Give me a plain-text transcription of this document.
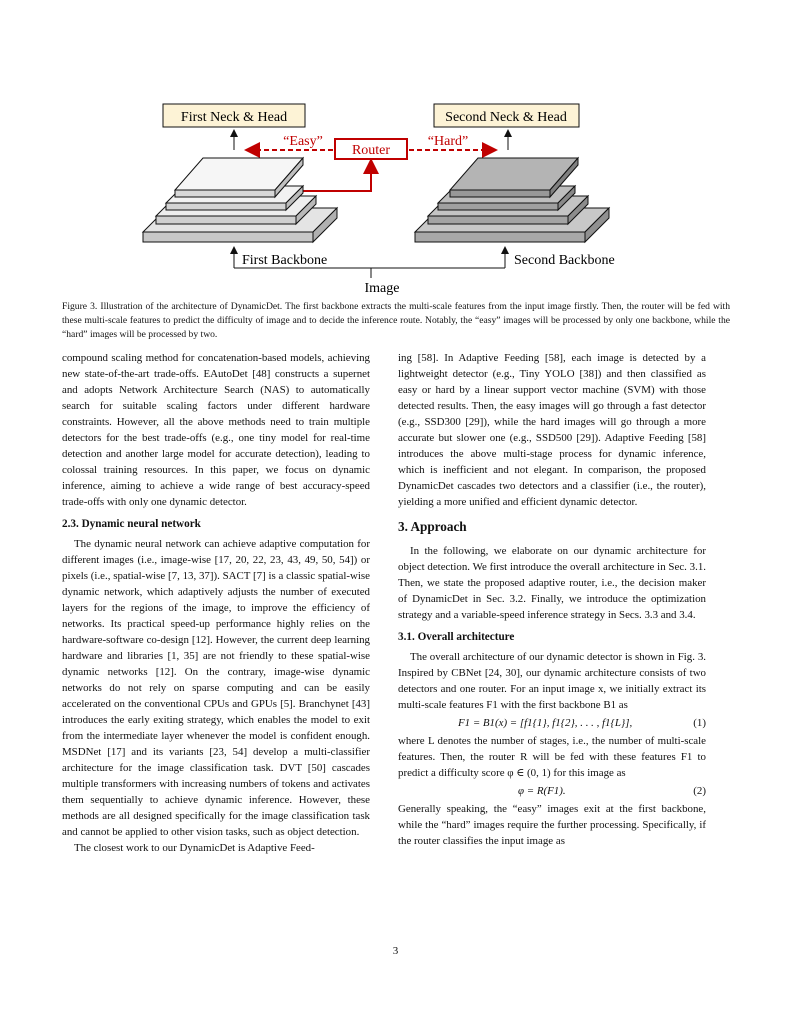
First Neck & Head	Second Neck & Head
Router
“Easy”	“Hard”
First Backbone	Second Backbone
Image
Figure 3. Illustration of the architecture of DynamicDet. The first backbone extracts the multi-scale features from the input image firstly. Then, the router will be fed with these multi-scale features to predict the difficulty of image and to decide the inference route. Notably, the “easy” images will be processed by only one backbone, while the “hard” images will be processed by two.

compound scaling method for concatenation-based models, achieving new state-of-the-art trade-offs. EAutoDet [48] constructs a supernet and adopts Network Architecture Search (NAS) to automatically search for suitable scaling factors under different hardware constraints. However, all the above methods need to train multiple detectors for the best trade-offs (e.g., one tiny model for real-time detection and another large model for accurate detection), leading to colossal training resources. In this paper, we focus on dynamic inference, aiming to achieve a wide range of best accuracy-speed trade-offs with only one dynamic detector.

2.3. Dynamic neural network

The dynamic neural network can achieve adaptive computation for different images (i.e., image-wise [17, 20, 22, 23, 43, 49, 50, 54]) or pixels (i.e., spatial-wise [7, 13, 37]). SACT [7] is a classic spatial-wise dynamic network, which adaptively adjusts the number of executed layers for the regions of the image, to improve the efficiency of networks. Its practical speed-up performance highly relies on the hardware-software co-design [12]. However, the current deep learning hardware and libraries [1, 35] are not friendly to these spatial-wise dynamic networks [12]. On the contrary, image-wise dynamic networks do not rely on sparse computing and can be easily accelerated on the conventional CPUs and GPUs [5]. Branchynet [43] introduces the early exiting strategy, which enables the model to exit from the intermediate layer whenever the model is confident enough. MSDNet [17] and its variants [23, 54] develop a multi-classifier architecture for the image classification task. DVT [50] cascades multiple transformers with increasing numbers of tokens and activates them sequentially to achieve dynamic inference. However, these methods are all designed specifically for the image classification task and cannot be applied to other vision tasks, such as object detection.

The closest work to our DynamicDet is Adaptive Feed-

ing [58]. In Adaptive Feeding [58], each image is detected by a lightweight detector (e.g., Tiny YOLO [38]) and then classified as easy or hard by a linear support vector machine (SVM) with those detected results. Then, the easy images will go through a fast detector (e.g., SSD300 [29]), while the hard images will go through a more accurate but slower one (e.g., SSD500 [29]). Adaptive Feeding [58] introduces the above multi-stage process for dynamic inference, which is inefficient and not elegant. In comparison, the proposed DynamicDet cascades two detectors and a classifier (i.e., the router), yielding a more unified and efficient dynamic detector.

3. Approach

In the following, we elaborate on our dynamic architecture for object detection. We first introduce the overall architecture in Sec. 3.1. Then, we state the proposed adaptive router, i.e., the decision maker of DynamicDet in Sec. 3.2. Finally, we introduce the optimization strategy and a variable-speed inference strategy in Secs. 3.3 and 3.4.

3.1. Overall architecture

The overall architecture of our dynamic detector is shown in Fig. 3. Inspired by CBNet [24, 30], our dynamic architecture consists of two detectors and one router. For an input image x, we initially extract its multi-scale features F1 with the first backbone B1 as

F1 = B1(x) = [f1{1}, f1{2}, . . . , f1{L}],	(1)

where L denotes the number of stages, i.e., the number of multi-scale features. Then, the router R will be fed with these features F1 to predict a difficulty score φ ∈ (0, 1) for this image as

φ = R(F1).	(2)

Generally speaking, the “easy” images exit at the first backbone, while the “hard” images require the further processing. Specifically, if the router classifies the input image as

3
